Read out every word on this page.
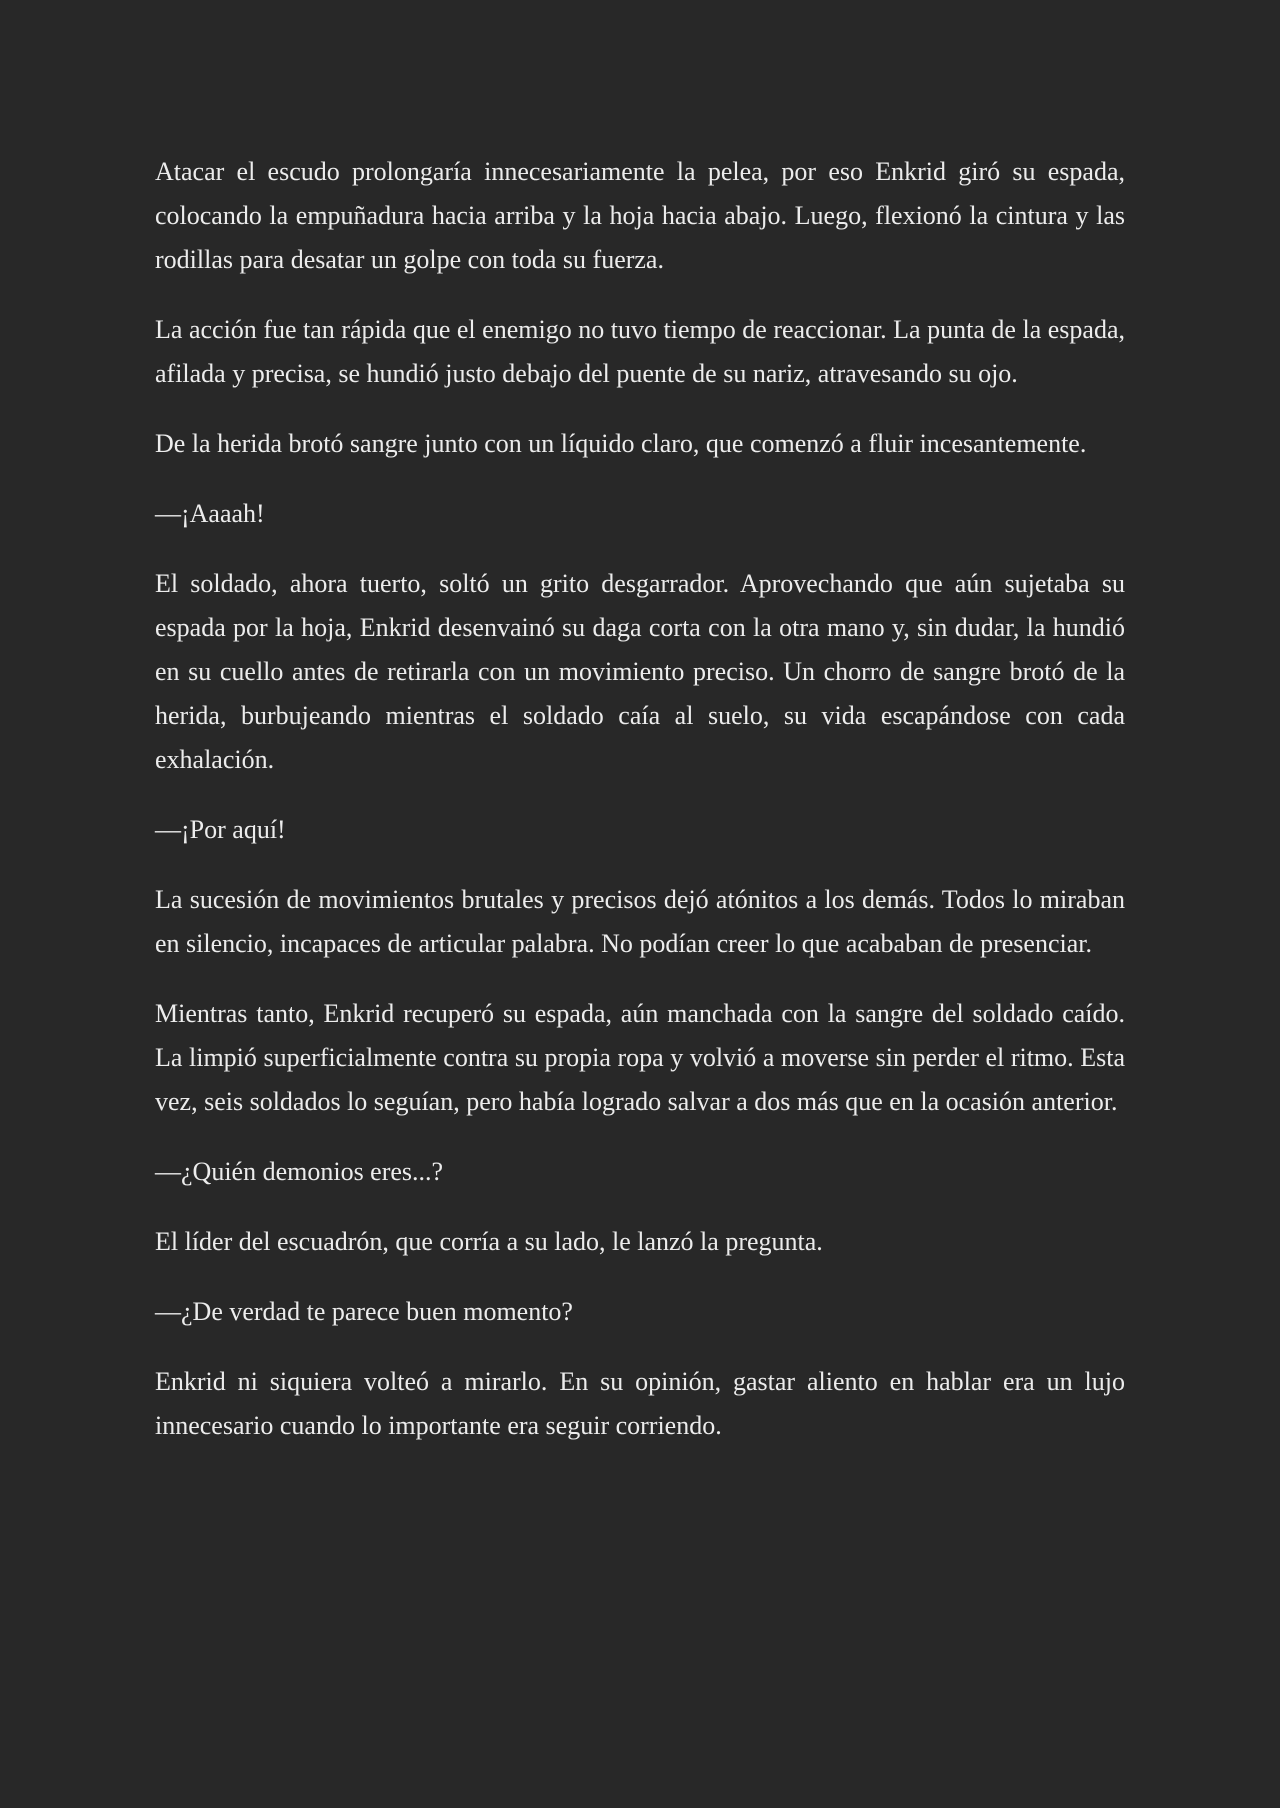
Atacar el escudo prolongaría innecesariamente la pelea, por eso Enkrid giró su espada, colocando la empuñadura hacia arriba y la hoja hacia abajo. Luego, flexionó la cintura y las rodillas para desatar un golpe con toda su fuerza.

La acción fue tan rápida que el enemigo no tuvo tiempo de reaccionar. La punta de la espada, afilada y precisa, se hundió justo debajo del puente de su nariz, atravesando su ojo.

De la herida brotó sangre junto con un líquido claro, que comenzó a fluir incesantemente.

—¡Aaaah!

El soldado, ahora tuerto, soltó un grito desgarrador. Aprovechando que aún sujetaba su espada por la hoja, Enkrid desenvainó su daga corta con la otra mano y, sin dudar, la hundió en su cuello antes de retirarla con un movimiento preciso. Un chorro de sangre brotó de la herida, burbujeando mientras el soldado caía al suelo, su vida escapándose con cada exhalación.

—¡Por aquí!

La sucesión de movimientos brutales y precisos dejó atónitos a los demás. Todos lo miraban en silencio, incapaces de articular palabra. No podían creer lo que acababan de presenciar.

Mientras tanto, Enkrid recuperó su espada, aún manchada con la sangre del soldado caído. La limpió superficialmente contra su propia ropa y volvió a moverse sin perder el ritmo. Esta vez, seis soldados lo seguían, pero había logrado salvar a dos más que en la ocasión anterior.

—¿Quién demonios eres...?

El líder del escuadrón, que corría a su lado, le lanzó la pregunta.

—¿De verdad te parece buen momento?

Enkrid ni siquiera volteó a mirarlo. En su opinión, gastar aliento en hablar era un lujo innecesario cuando lo importante era seguir corriendo.
